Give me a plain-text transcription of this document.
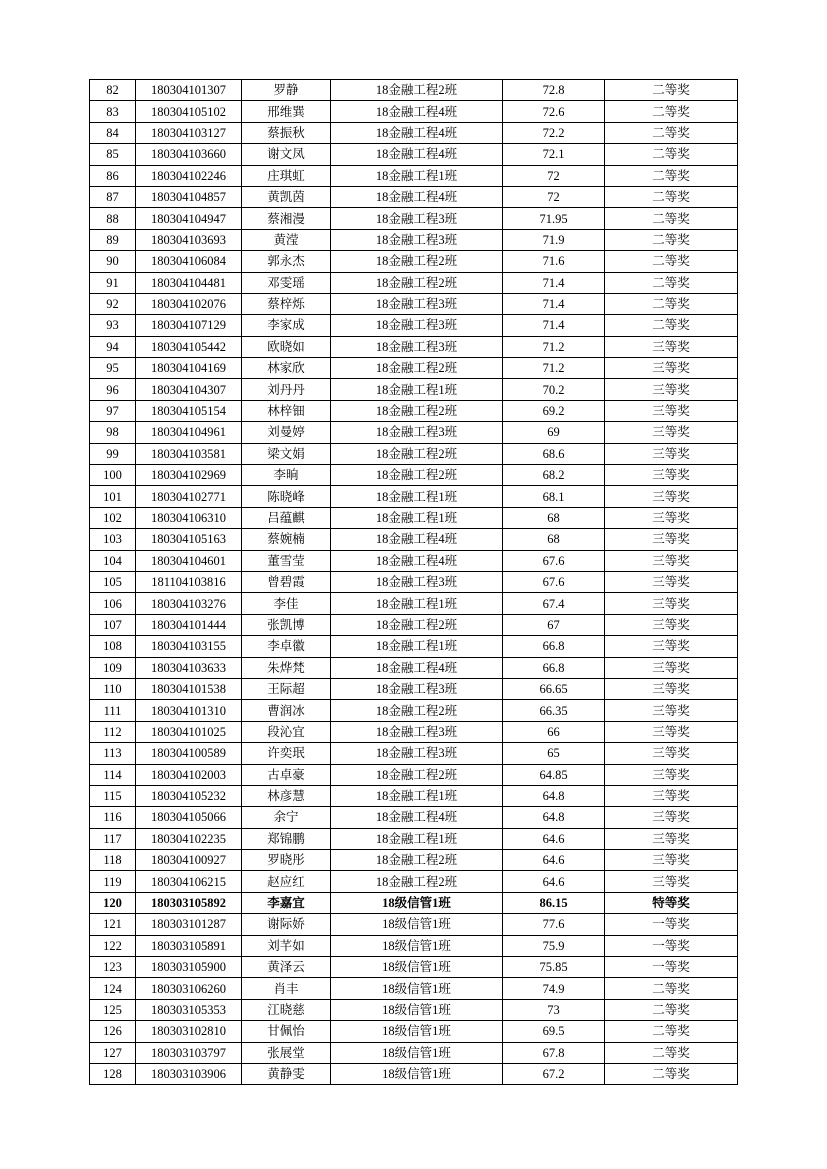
82	180304101307	罗静	18金融工程2班	72.8	二等奖
83	180304105102	邢维巽	18金融工程4班	72.6	二等奖
84	180304103127	蔡振秋	18金融工程4班	72.2	二等奖
85	180304103660	谢文凤	18金融工程4班	72.1	二等奖
86	180304102246	庄琪虹	18金融工程1班	72	二等奖
87	180304104857	黄凯茵	18金融工程4班	72	二等奖
88	180304104947	蔡湘漫	18金融工程3班	71.95	二等奖
89	180304103693	黄滢	18金融工程3班	71.9	二等奖
90	180304106084	郭永杰	18金融工程2班	71.6	二等奖
91	180304104481	邓雯瑶	18金融工程2班	71.4	二等奖
92	180304102076	蔡梓烁	18金融工程3班	71.4	二等奖
93	180304107129	李家成	18金融工程3班	71.4	二等奖
94	180304105442	欧晓如	18金融工程3班	71.2	三等奖
95	180304104169	林家欣	18金融工程2班	71.2	三等奖
96	180304104307	刘丹丹	18金融工程1班	70.2	三等奖
97	180304105154	林梓钿	18金融工程2班	69.2	三等奖
98	180304104961	刘曼婷	18金融工程3班	69	三等奖
99	180304103581	梁文娟	18金融工程2班	68.6	三等奖
100	180304102969	李晌	18金融工程2班	68.2	三等奖
101	180304102771	陈晓峰	18金融工程1班	68.1	三等奖
102	180304106310	吕蕴麒	18金融工程1班	68	三等奖
103	180304105163	蔡婉楠	18金融工程4班	68	三等奖
104	180304104601	董雪莹	18金融工程4班	67.6	三等奖
105	181104103816	曾碧霞	18金融工程3班	67.6	三等奖
106	180304103276	李佳	18金融工程1班	67.4	三等奖
107	180304101444	张凯博	18金融工程2班	67	三等奖
108	180304103155	李卓徽	18金融工程1班	66.8	三等奖
109	180304103633	朱烨梵	18金融工程4班	66.8	三等奖
110	180304101538	王际超	18金融工程3班	66.65	三等奖
111	180304101310	曹润冰	18金融工程2班	66.35	三等奖
112	180304101025	段沁宜	18金融工程3班	66	三等奖
113	180304100589	许奕珉	18金融工程3班	65	三等奖
114	180304102003	古卓豪	18金融工程2班	64.85	三等奖
115	180304105232	林彦慧	18金融工程1班	64.8	三等奖
116	180304105066	余宁	18金融工程4班	64.8	三等奖
117	180304102235	郑锦鹏	18金融工程1班	64.6	三等奖
118	180304100927	罗晓彤	18金融工程2班	64.6	三等奖
119	180304106215	赵应红	18金融工程2班	64.6	三等奖
120	180303105892	李嘉宜	18级信管1班	86.15	特等奖
121	180303101287	谢际娇	18级信管1班	77.6	一等奖
122	180303105891	刘芊如	18级信管1班	75.9	一等奖
123	180303105900	黄泽云	18级信管1班	75.85	一等奖
124	180303106260	肖丰	18级信管1班	74.9	二等奖
125	180303105353	江晓慈	18级信管1班	73	二等奖
126	180303102810	甘佩怡	18级信管1班	69.5	二等奖
127	180303103797	张展堂	18级信管1班	67.8	二等奖
128	180303103906	黄静雯	18级信管1班	67.2	二等奖
